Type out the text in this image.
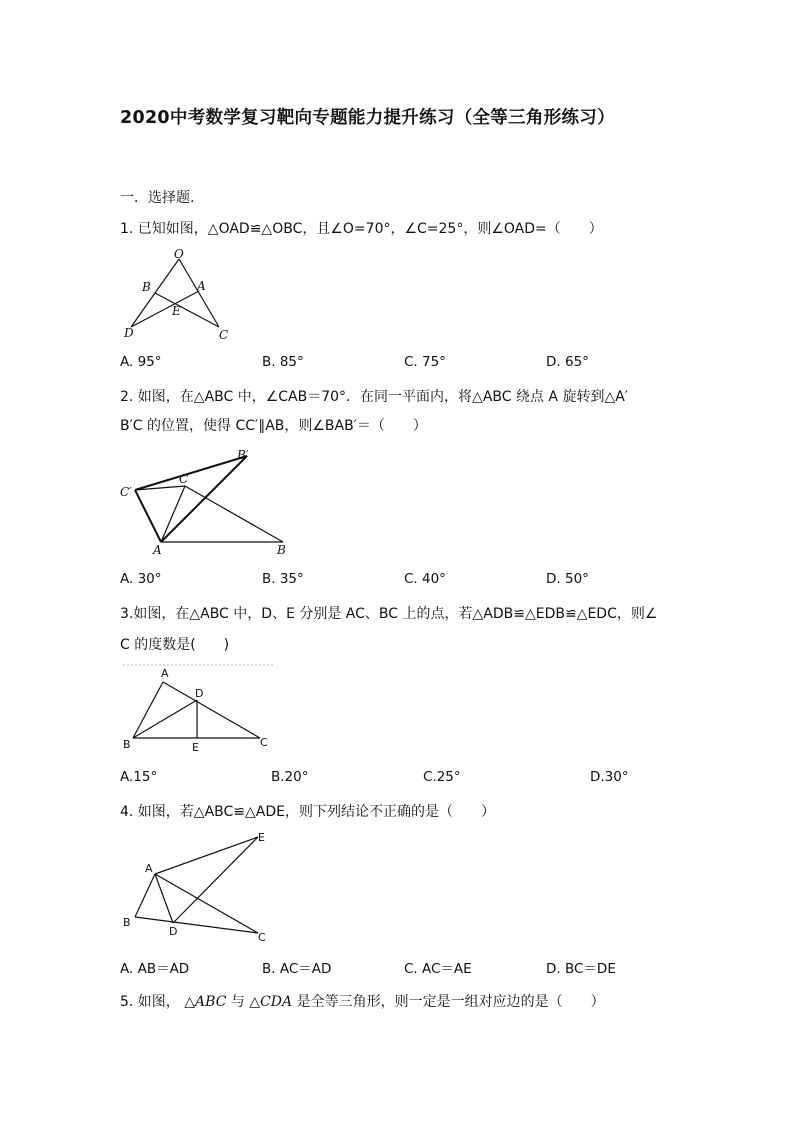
2020中考数学复习靶向专题能力提升练习（全等三角形练习）
一．选择题.
1. 已知如图，△OAD≌△OBC，且∠O=70°，∠C=25°，则∠OAD=（　　）
O
B	A
E
D	C
A. 95°	B. 85°	C. 75°	D. 65°
2. 如图，在△ABC 中，∠CAB＝70°．在同一平面内，将△ABC 绕点 A 旋转到△A′
B′C 的位置，使得 CC′∥AB，则∠BAB′＝（　　）
B′
C′
C
A	B
A. 30°	B. 35°	C. 40°	D. 50°
3.如图，在△ABC 中，D、E 分别是 AC、BC 上的点，若△ADB≌△EDB≌△EDC，则∠
C 的度数是(　　)
A
D
B	E	C
A.15°	B.20°	C.25°	D.30°
4. 如图，若△ABC≌△ADE，则下列结论不正确的是（　　）
E
A
B
D	C
A. AB＝AD	B. AC＝AD	C. AC＝AE	D. BC＝DE
5. 如图， △ABC 与 △CDA 是全等三角形，则一定是一组对应边的是（　　）
